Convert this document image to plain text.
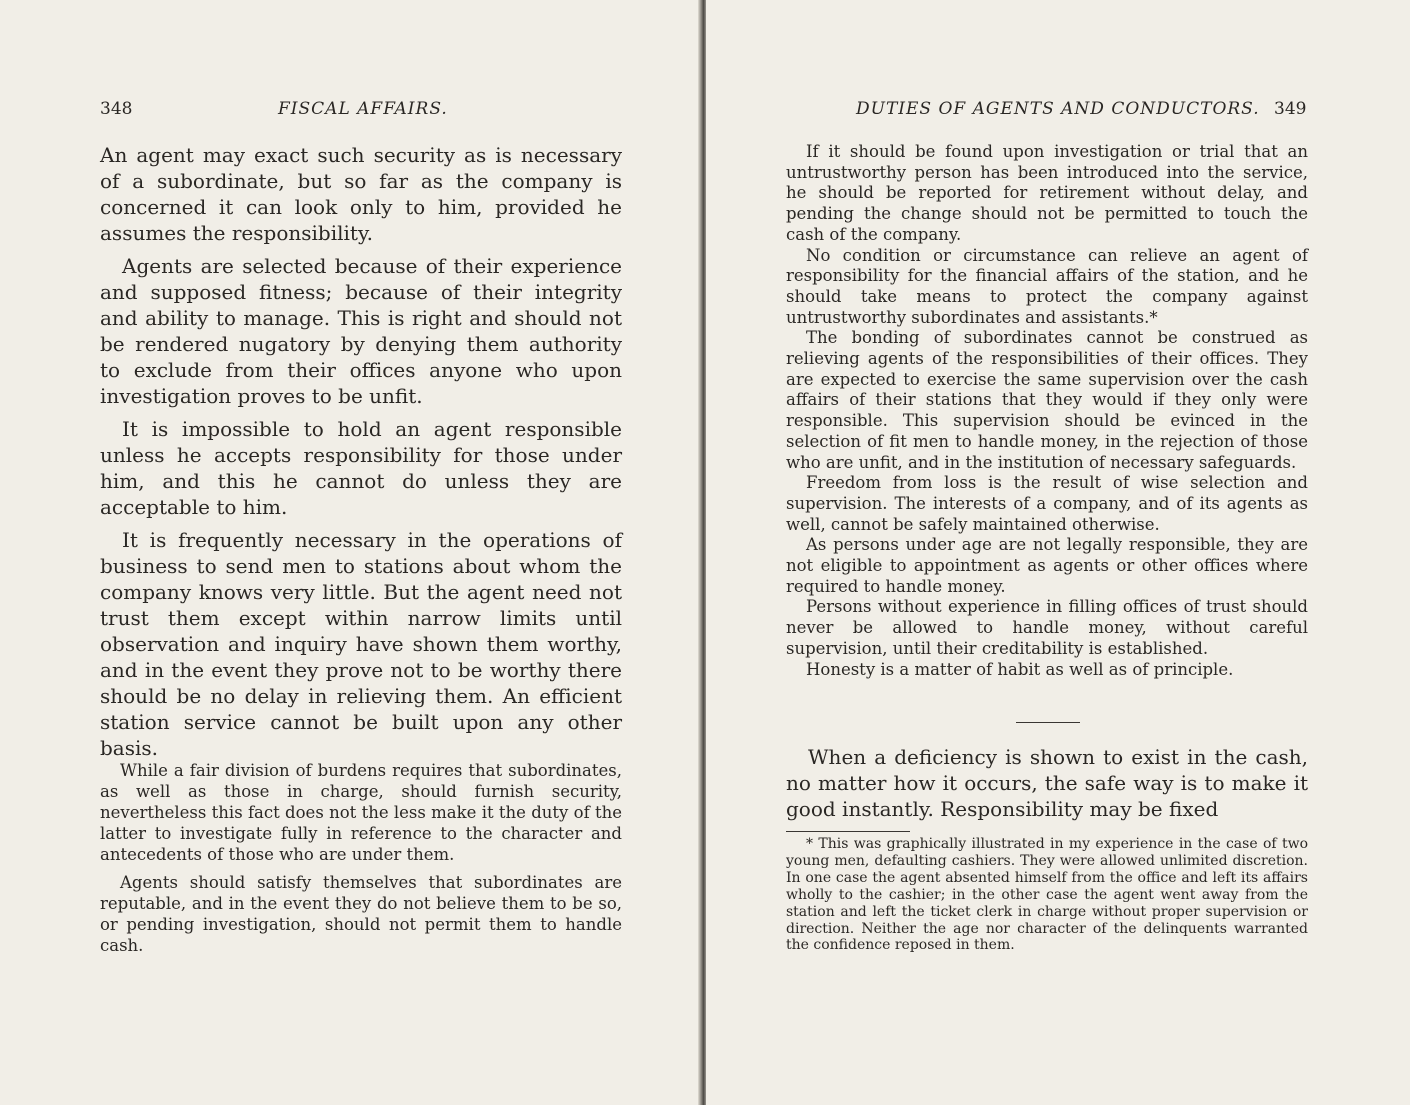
348	FISCAL AFFAIRS.

An agent may exact such security as is necessary of a subordinate, but so far as the company is concerned it can look only to him, provided he assumes the responsibility.

Agents are selected because of their experience and supposed fitness; because of their integrity and ability to manage. This is right and should not be rendered nugatory by denying them authority to exclude from their offices anyone who upon investigation proves to be unfit.

It is impossible to hold an agent responsible unless he accepts responsibility for those under him, and this he cannot do unless they are acceptable to him.

It is frequently necessary in the operations of business to send men to stations about whom the company knows very little. But the agent need not trust them except within narrow limits until observation and inquiry have shown them worthy, and in the event they prove not to be worthy there should be no delay in relieving them. An efficient station service cannot be built upon any other basis.

While a fair division of burdens requires that subordinates, as well as those in charge, should furnish security, nevertheless this fact does not the less make it the duty of the latter to investigate fully in reference to the character and antecedents of those who are under them.

Agents should satisfy themselves that subordinates are reputable, and in the event they do not believe them to be so, or pending investigation, should not permit them to handle cash.

DUTIES OF AGENTS AND CONDUCTORS. 349

If it should be found upon investigation or trial that an untrustworthy person has been introduced into the service, he should be reported for retirement without delay, and pending the change should not be permitted to touch the cash of the company.

No condition or circumstance can relieve an agent of responsibility for the financial affairs of the station, and he should take means to protect the company against untrustworthy subordinates and assistants.*

The bonding of subordinates cannot be construed as relieving agents of the responsibilities of their offices. They are expected to exercise the same supervision over the cash affairs of their stations that they would if they only were responsible. This supervision should be evinced in the selection of fit men to handle money, in the rejection of those who are unfit, and in the institution of necessary safeguards.

Freedom from loss is the result of wise selection and supervision. The interests of a company, and of its agents as well, cannot be safely maintained otherwise.

As persons under age are not legally responsible, they are not eligible to appointment as agents or other offices where required to handle money.

Persons without experience in filling offices of trust should never be allowed to handle money, without careful supervision, until their creditability is established.

Honesty is a matter of habit as well as of principle.

When a deficiency is shown to exist in the cash, no matter how it occurs, the safe way is to make it good instantly. Responsibility may be fixed

* This was graphically illustrated in my experience in the case of two young men, defaulting cashiers. They were allowed unlimited discretion. In one case the agent absented himself from the office and left its affairs wholly to the cashier; in the other case the agent went away from the station and left the ticket clerk in charge without proper supervision or direction. Neither the age nor character of the delinquents warranted the confidence reposed in them.
